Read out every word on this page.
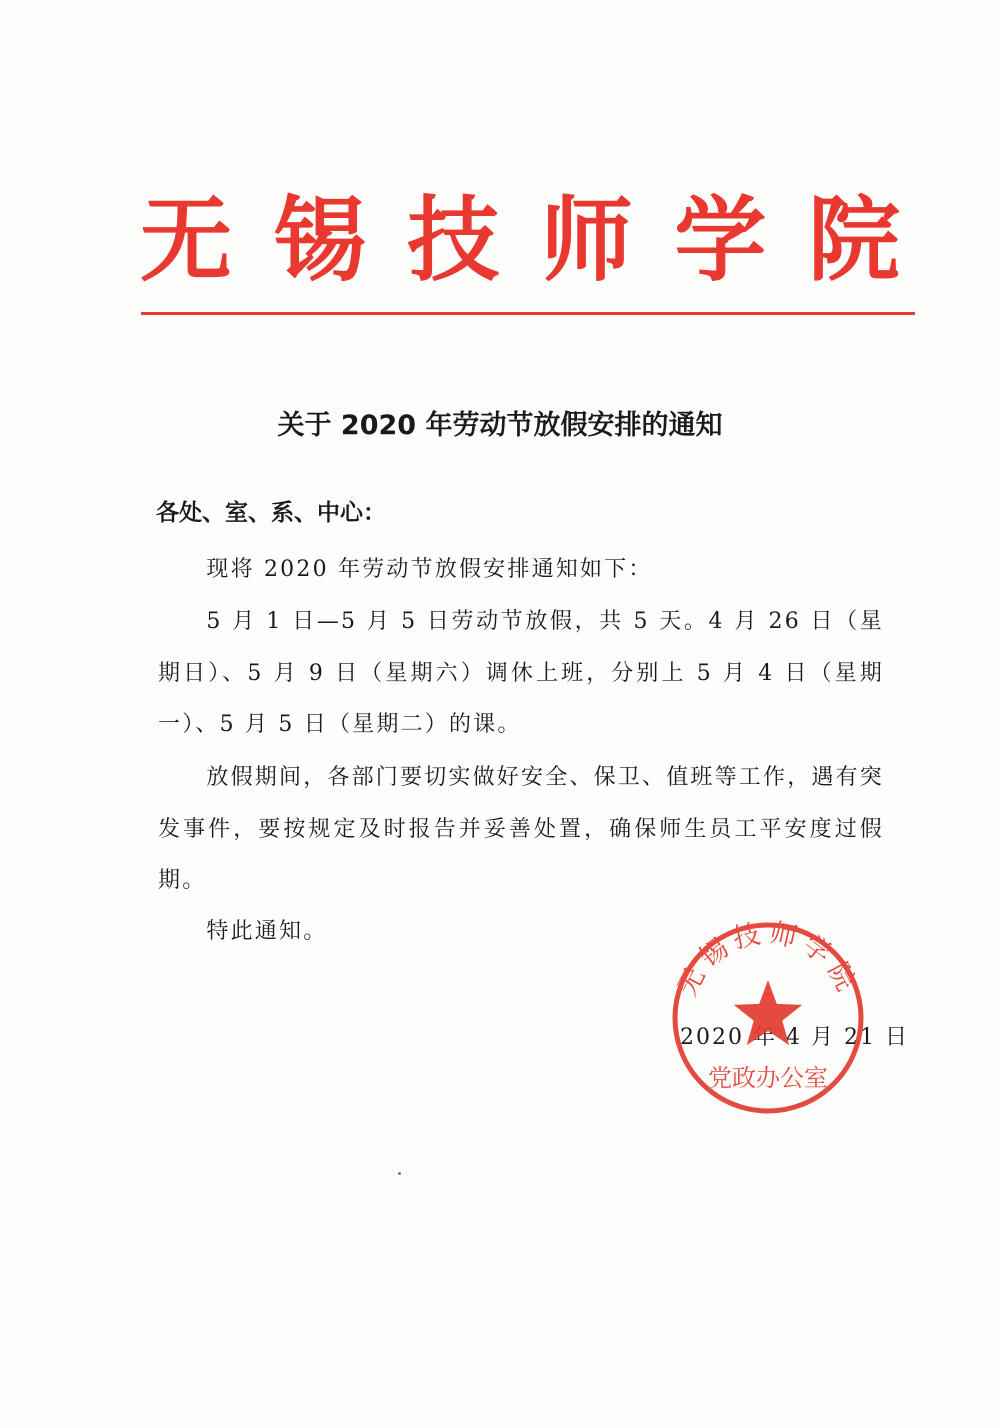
无 锡 技 师 学 院
关于 2020 年劳动节放假安排的通知
各处、室、系、中心：

现将 2020 年劳动节放假安排通知如下：

5 月 1 日—5 月 5 日劳动节放假，共 5 天。4 月 26 日（星期日）、5 月 9 日（星期六）调休上班，分别上 5 月 4 日（星期一）、5 月 5 日（星期二）的课。

放假期间，各部门要切实做好安全、保卫、值班等工作，遇有突发事件，要按规定及时报告并妥善处置，确保师生员工平安度过假期。

特此通知。

2020 年 4 月 21 日
无锡技师学院
党政办公室
